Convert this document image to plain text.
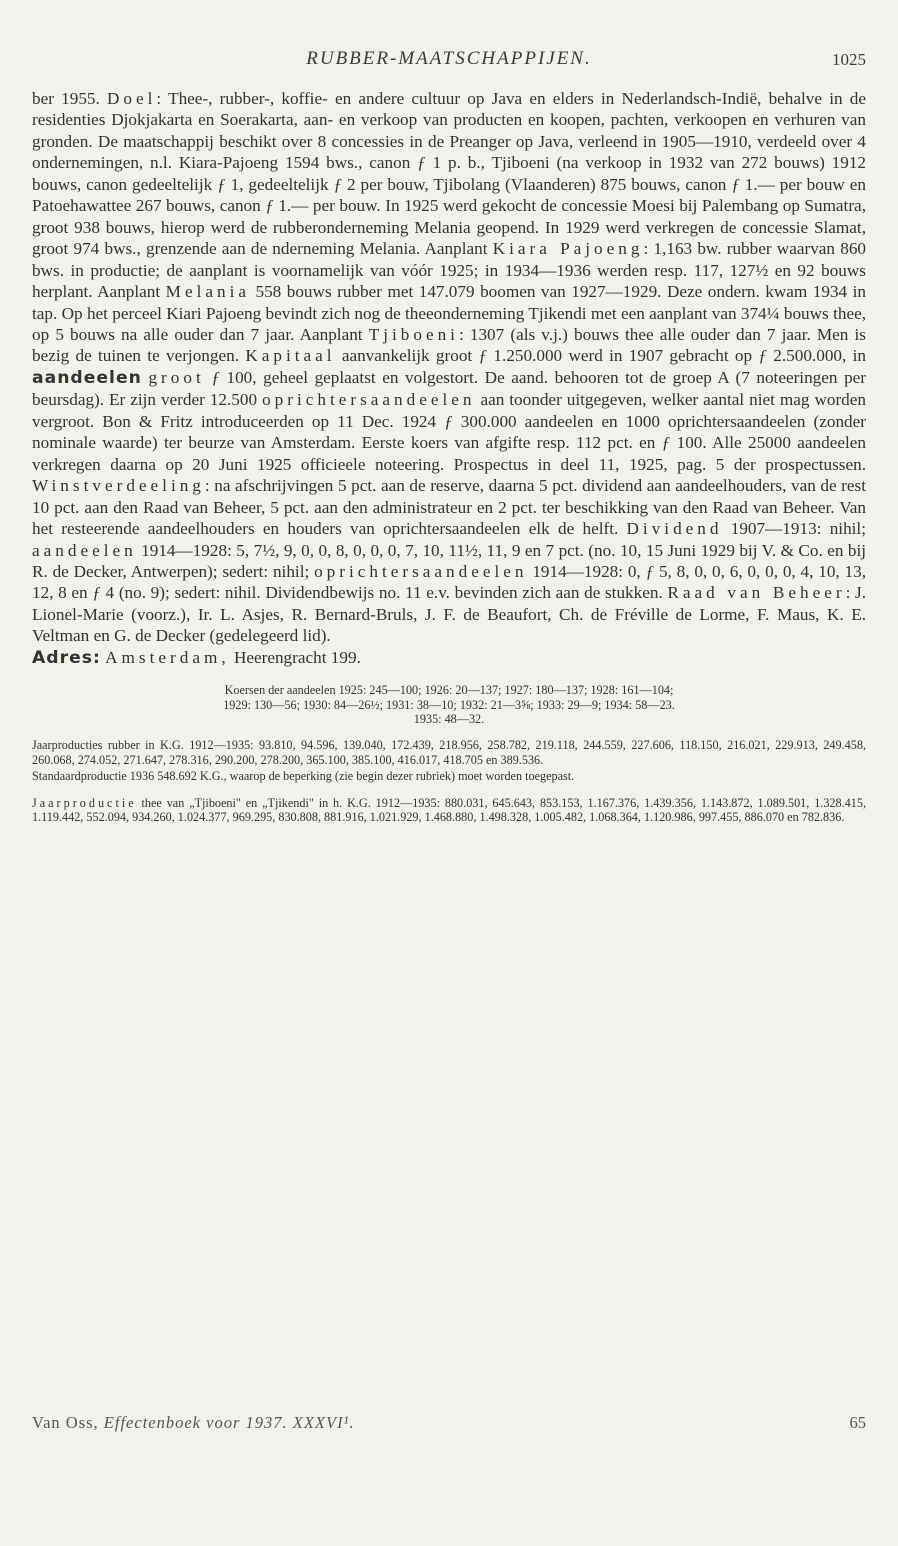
RUBBER-MAATSCHAPPIJEN.	1025
ber 1955. Doel: Thee-, rubber-, koffie- en andere cultuur op Java en elders in Nederlandsch-Indië, behalve in de residenties Djokjakarta en Soerakarta, aan- en verkoop van producten en koopen, pachten, verkoopen en verhuren van gronden. De maatschappij beschikt over 8 concessies in de Preanger op Java, verleend in 1905—1910, verdeeld over 4 ondernemingen, n.l. Kiara-Pajoeng 1594 bws., canon ƒ 1 p. b., Tjiboeni (na verkoop in 1932 van 272 bouws) 1912 bouws, canon gedeeltelijk ƒ 1, gedeeltelijk ƒ 2 per bouw, Tjibolang (Vlaanderen) 875 bouws, canon ƒ 1.— per bouw en Patoehawattee 267 bouws, canon ƒ 1.— per bouw. In 1925 werd gekocht de concessie Moesi bij Palembang op Sumatra, groot 938 bouws, hierop werd de rubberonderneming Melania geopend. In 1929 werd verkregen de concessie Slamat, groot 974 bws., grenzende aan de nderneming Melania. Aanplant Kiara Pajoeng: 1,163 bw. rubber waarvan 860 bws. in productie; de aanplant is voornamelijk van vóór 1925; in 1934—1936 werden resp. 117, 127½ en 92 bouws herplant. Aanplant Melania 558 bouws rubber met 147.079 boomen van 1927—1929. Deze ondern. kwam 1934 in tap. Op het perceel Kiari Pajoeng bevindt zich nog de theeonderneming Tjikendi met een aanplant van 374¼ bouws thee, op 5 bouws na alle ouder dan 7 jaar. Aanplant Tjiboeni: 1307 (als v.j.) bouws thee alle ouder dan 7 jaar. Men is bezig de tuinen te verjongen. Kapitaal aanvankelijk groot ƒ 1.250.000 werd in 1907 gebracht op ƒ 2.500.000, in aandeelen groot ƒ 100, geheel geplaatst en volgestort. De aand. behooren tot de groep A (7 noteeringen per beursdag). Er zijn verder 12.500 oprichtersaandeelen aan toonder uitgegeven, welker aantal niet mag worden vergroot. Bon & Fritz introduceerden op 11 Dec. 1924 ƒ 300.000 aandeelen en 1000 oprichtersaandeelen (zonder nominale waarde) ter beurze van Amsterdam. Eerste koers van afgifte resp. 112 pct. en ƒ 100. Alle 25000 aandeelen verkregen daarna op 20 Juni 1925 officieele noteering. Prospectus in deel 11, 1925, pag. 5 der prospectussen. Winstverdeeling: na afschrijvingen 5 pct. aan de reserve, daarna 5 pct. dividend aan aandeelhouders, van de rest 10 pct. aan den Raad van Beheer, 5 pct. aan den administrateur en 2 pct. ter beschikking van den Raad van Beheer. Van het resteerende aandeelhouders en houders van oprichtersaandeelen elk de helft. Dividend 1907—1913: nihil; aandeelen 1914—1928: 5, 7½, 9, 0, 0, 8, 0, 0, 0, 7, 10, 11½, 11, 9 en 7 pct. (no. 10, 15 Juni 1929 bij V. & Co. en bij R. de Decker, Antwerpen); sedert: nihil; oprichtersaandeelen 1914—1928: 0, ƒ 5, 8, 0, 0, 6, 0, 0, 0, 4, 10, 13, 12, 8 en ƒ 4 (no. 9); sedert: nihil. Dividendbewijs no. 11 e.v. bevinden zich aan de stukken. Raad van Beheer: J. Lionel-Marie (voorz.), Ir. L. Asjes, R. Bernard-Bruls, J. F. de Beaufort, Ch. de Fréville de Lorme, F. Maus, K. E. Veltman en G. de Decker (gedelegeerd lid).
Adres: Amsterdam, Heerengracht 199.
Koersen der aandeelen 1925: 245—100; 1926: 20—137; 1927: 180—137; 1928: 161—104;
1929: 130—56; 1930: 84—26½; 1931: 38—10; 1932: 21—3⅝; 1933: 29—9; 1934: 58—23.
1935: 48—32.
Jaarproducties rubber in K.G. 1912—1935: 93.810, 94.596, 139.040, 172.439, 218.956, 258.782, 219.118, 244.559, 227.606, 118.150, 216.021, 229.913, 249.458, 260.068, 274.052, 271.647, 278.316, 290.200, 278.200, 365.100, 385.100, 416.017, 418.705 en 389.536.
Standaardproductie 1936 548.692 K.G., waarop de beperking (zie begin dezer rubriek) moet worden toegepast.
Jaarproductie thee van „Tjiboeni" en „Tjikendi" in h. K.G. 1912—1935: 880.031, 645.643, 853.153, 1.167.376, 1.439.356, 1.143.872, 1.089.501, 1.328.415, 1.119.442, 552.094, 934.260, 1.024.377, 969.295, 830.808, 881.916, 1.021.929, 1.468.880, 1.498.328, 1.005.482, 1.068.364, 1.120.986, 997.455, 886.070 en 782.836.
Van Oss, Effectenboek voor 1937. XXXVI¹.	65
